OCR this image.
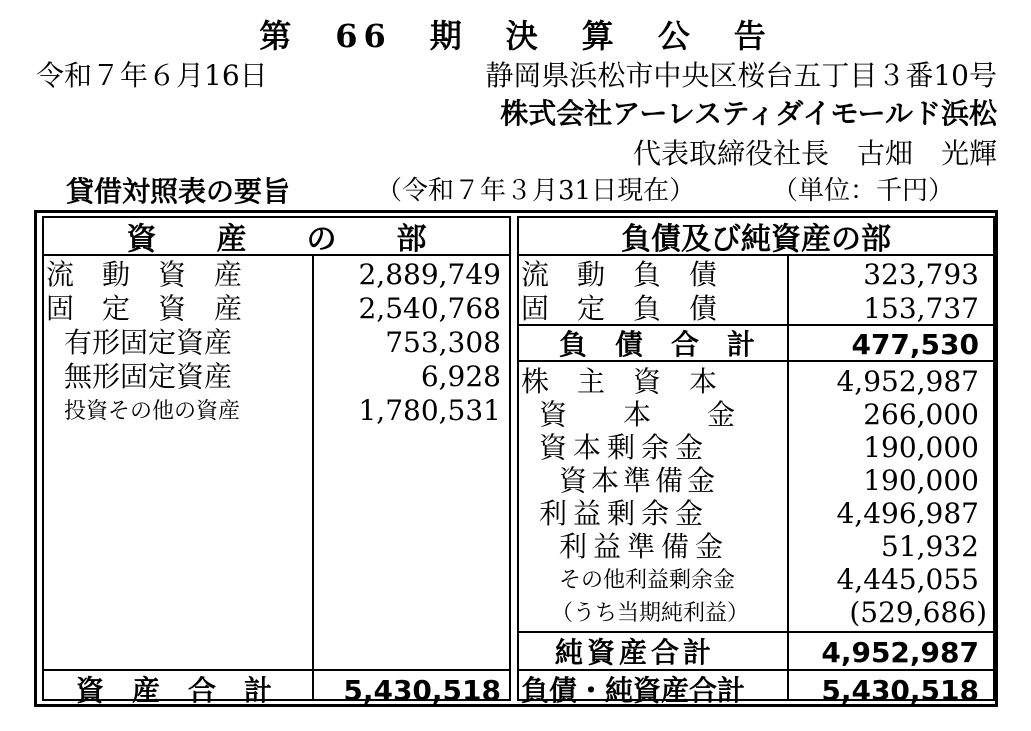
第　66　期　決　算　公　告
令和７年６月16日	静岡県浜松市中央区桜台五丁目３番10号
株式会社アーレスティダイモールド浜松
代表取締役社長　古畑　光輝
貸借対照表の要旨	（令和７年３月31日現在）	（単位：千円）
資　　産　　の　　部
流　動　資　産	2,889,749
固　定　資　産	2,540,768
有形固定資産	753,308
無形固定資産	6,928
投資その他の資産	1,780,531
資　産　合　計	5,430,518
負債及び純資産の部
流　動　負　債	323,793
固　定　負　債	153,737
負　債　合　計	477,530
株　主　資　本	4,952,987
資　　本　　金	266,000
資本剰余金	190,000
資本準備金	190,000
利益剰余金	4,496,987
利益準備金	51,932
その他利益剰余金	4,445,055
（うち当期純利益）	(529,686)
純資産合計	4,952,987
負債・純資産合計	5,430,518
